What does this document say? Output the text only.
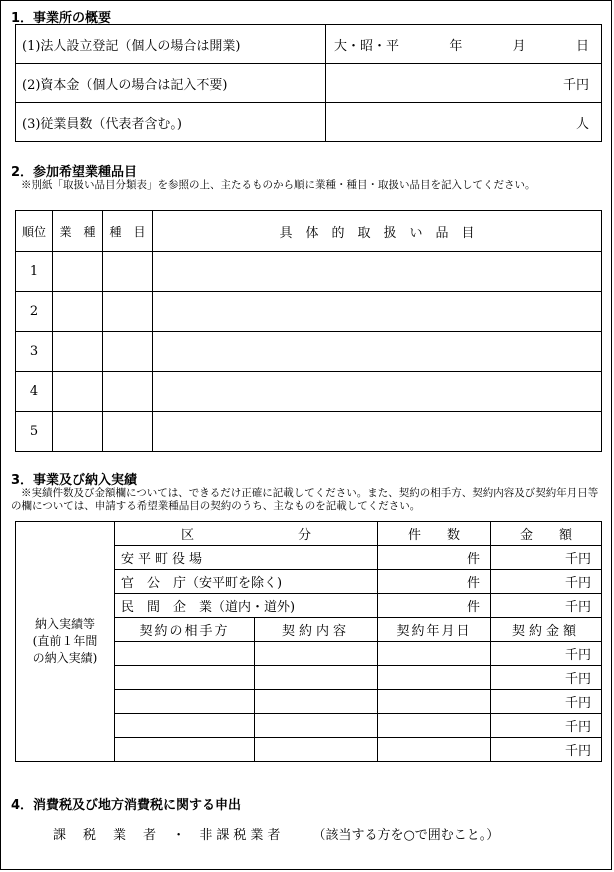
1．事業所の概要
(1)法人設立登記（個人の場合は開業)	大・昭・平 年 月 日

(2)資本金（個人の場合は記入不要)	千円
(3)従業員数（代表者含む。)	人
2．参加希望業種品目
※別紙「取扱い品目分類表」を参照の上、主たるものから順に業種・種目・取扱い品目を記入してください。
順位	業　種	種　目	具　体　的　取　扱　い　品　目
1			
2			
3			
4			
5			
3．事業及び納入実績
※実績件数及び金額欄については、できるだけ正確に記載してください。また、契約の相手方、契約内容及び契約年月日等の欄については、申請する希望業種品目の契約のうち、主なものを記載してください。
納入実績等
(直前１年間
の納入実績)	区　　　　　　　　分		件　　数	金　　額
	安平町役場		件	千円
	官　公　庁（安平町を除く)		件	千円
	民　間　企　業（道内・道外)		件	千円
	契約の相手方	契約内容	契約年月日	契約金額
				千円
				千円
				千円
				千円
				千円
4．消費税及び地方消費税に関する申出
課　税　業　者 ・ 非課税業者 （該当する方を○で囲むこと。）
